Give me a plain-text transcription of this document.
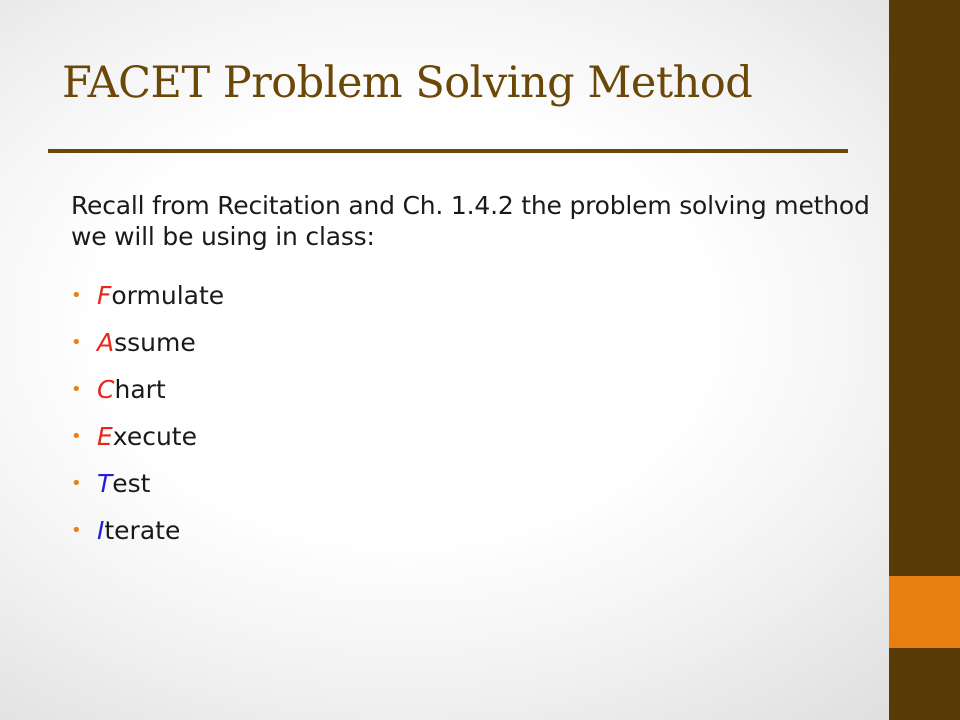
FACET Problem Solving Method

Recall from Recitation and Ch. 1.4.2 the problem solving method we will be using in class:

• F ormulate
• A ssume
• C hart
• E xecute
• T est
• I terate
